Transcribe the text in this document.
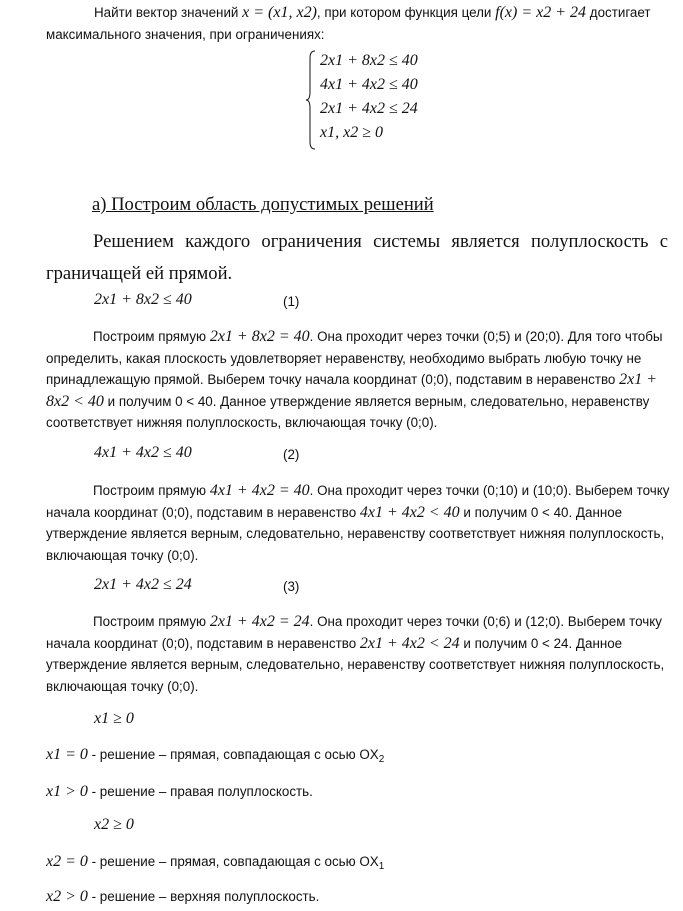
Найти вектор значений x = (x1, x2), при котором функция цели f(x) = x2 + 24 достигает максимального значения, при ограничениях:
2x1 + 8x2 ≤ 40
4x1 + 4x2 ≤ 40
2x1 + 4x2 ≤ 24
x1, x2 ≥ 0
а) Построим область допустимых решений
Решением каждого ограничения системы является полуплоскость с граничащей ей прямой.
2x1 + 8x2 ≤ 40	(1)
Построим прямую 2x1 + 8x2 = 40. Она проходит через точки (0;5) и (20;0). Для того чтобы определить, какая плоскость удовлетворяет неравенству, необходимо выбрать любую точку не принадлежащую прямой. Выберем точку начала координат (0;0), подставим в неравенство 2x1 + 8x2 < 40 и получим 0 < 40. Данное утверждение является верным, следовательно, неравенству соответствует нижняя полуплоскость, включающая точку (0;0).
4x1 + 4x2 ≤ 40	(2)
Построим прямую 4x1 + 4x2 = 40. Она проходит через точки (0;10) и (10;0). Выберем точку начала координат (0;0), подставим в неравенство 4x1 + 4x2 < 40 и получим 0 < 40. Данное утверждение является верным, следовательно, неравенству соответствует нижняя полуплоскость, включающая точку (0;0).
2x1 + 4x2 ≤ 24	(3)
Построим прямую 2x1 + 4x2 = 24. Она проходит через точки (0;6) и (12;0). Выберем точку начала координат (0;0), подставим в неравенство 2x1 + 4x2 < 24 и получим 0 < 24. Данное утверждение является верным, следовательно, неравенству соответствует нижняя полуплоскость, включающая точку (0;0).
x1 ≥ 0
x1 = 0 - решение – прямая, совпадающая с осью $OX_2$
x1 > 0 - решение – правая полуплоскость.
x2 ≥ 0
x2 = 0 - решение – прямая, совпадающая с осью $OX_1$
x2 > 0 - решение – верхняя полуплоскость.
